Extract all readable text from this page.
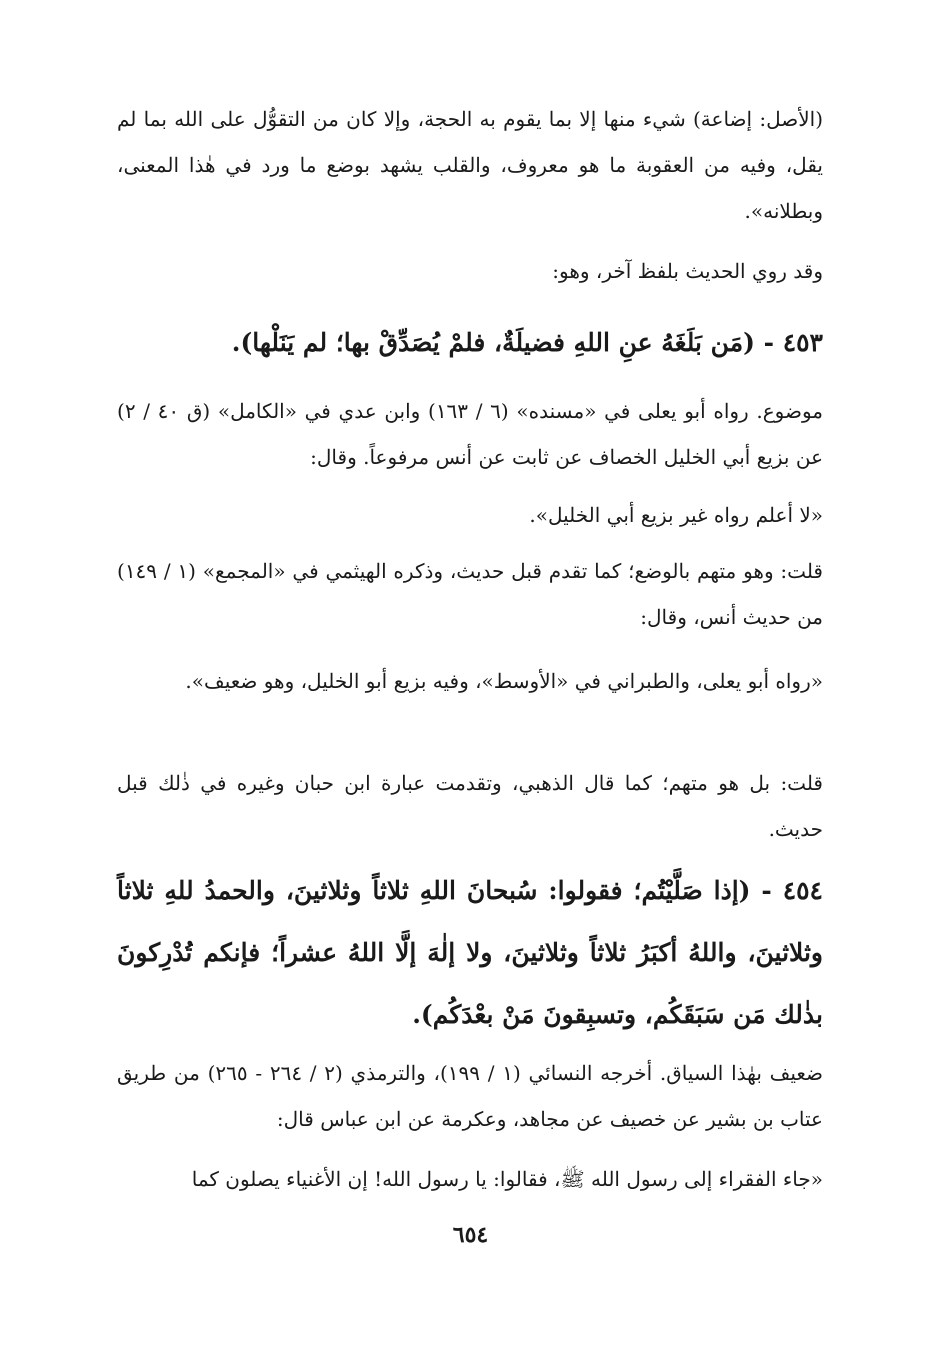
(الأصل: إضاعة) شيء منها إلا بما يقوم به الحجة، وإلا كان من التقوُّل على الله بما لم يقل، وفيه من العقوبة ما هو معروف، والقلب يشهد بوضع ما ورد في هٰذا المعنى، وبطلانه».

وقد روي الحديث بلفظ آخر، وهو:

٤٥٣ - (مَن بَلَغَهُ عنِ اللهِ فضيلَةٌ، فلمْ يُصَدِّقْ بها؛ لم يَنَلْها).

موضوع. رواه أبو يعلى في «مسنده» (٦ / ١٦٣) وابن عدي في «الكامل» (ق ٤٠ / ٢) عن بزيع أبي الخليل الخصاف عن ثابت عن أنس مرفوعاً. وقال:

«لا أعلم رواه غير بزيع أبي الخليل».

قلت: وهو متهم بالوضع؛ كما تقدم قبل حديث، وذكره الهيثمي في «المجمع» (١ / ١٤٩) من حديث أنس، وقال:

«رواه أبو يعلى، والطبراني في «الأوسط»، وفيه بزيع أبو الخليل، وهو ضعيف».

قلت: بل هو متهم؛ كما قال الذهبي، وتقدمت عبارة ابن حبان وغيره في ذٰلك قبل حديث.

٤٥٤ - (إذا صَلَّيْتُم؛ فقولوا: سُبحانَ اللهِ ثلاثاً وثلاثينَ، والحمدُ للهِ ثلاثاً وثلاثينَ، واللهُ أكبَرُ ثلاثاً وثلاثينَ، ولا إلٰهَ إلَّا اللهُ عشراً؛ فإنكم تُدْرِكونَ بذٰلك مَن سَبَقَكُم، وتسبِقونَ مَنْ بعْدَكُم).

ضعيف بهٰذا السياق. أخرجه النسائي (١ / ١٩٩)، والترمذي (٢ / ٢٦٤ - ٢٦٥) من طريق عتاب بن بشير عن خصيف عن مجاهد، وعكرمة عن ابن عباس قال:

«جاء الفقراء إلى رسول الله ﷺ، فقالوا: يا رسول الله! إن الأغنياء يصلون كما

٦٥٤
